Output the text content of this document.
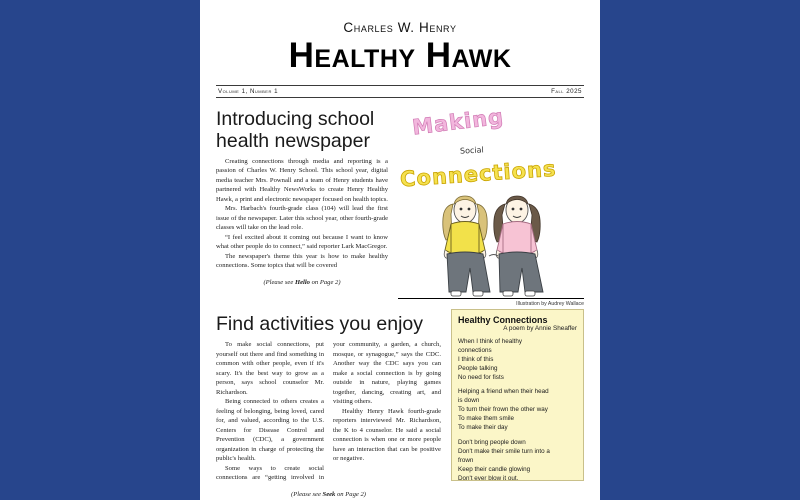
Charles W. Henry
Healthy Hawk
Volume 1, Number 1	Fall 2025
Introducing school health newspaper

Creating connections through media and reporting is a passion of Charles W. Henry School. This school year, digital media teacher Mrs. Pownall and a team of Henry students have partnered with Healthy NewsWorks to create Henry Healthy Hawk, a print and electronic newspaper focused on health topics.

Mrs. Harbach's fourth-grade class (104) will lead the first issue of the newspaper. Later this school year, other fourth-grade classes will take on the lead role.

“I feel excited about it coming out because I want to know what other people do to connect,” said reporter Lark MacGregor.

The newspaper's theme this year is how to make healthy connections. Some topics that will be covered

(Please see Hello on Page 2)
Making
Social
Connections
Illustration by Audrey Wallace
Find activities you enjoy

To make social connections, put yourself out there and find something in common with other people, even if it's scary. It's the best way to grow as a person, says school counselor Mr. Richardson.

Being connected to others creates a feeling of belonging, being loved, cared for, and valued, according to the U.S. Centers for Disease Control and Prevention (CDC), a government organization in charge of protecting the public's health.

Some ways to create social connections are “getting involved in your community, a garden, a church, mosque, or synagogue,” says the CDC. Another way the CDC says you can make a social connection is by going outside in nature, playing games together, dancing, creating art, and visiting others.

Healthy Henry Hawk fourth-grade reporters interviewed Mr. Richardson, the K to 4 counselor. He said a social connection is when one or more people have an interaction that can be positive or negative.

(Please see Seek on Page 2)
Healthy Connections
A poem by Annie Sheaffer
When I think of healthy
connections
I think of this
People talking
No need for fists
Helping a friend when their head
is down
To turn their frown the other way
To make them smile
To make their day
Don't bring people down
Don't make their smile turn into a
frown
Keep their candle glowing
Don't ever blow it out.
